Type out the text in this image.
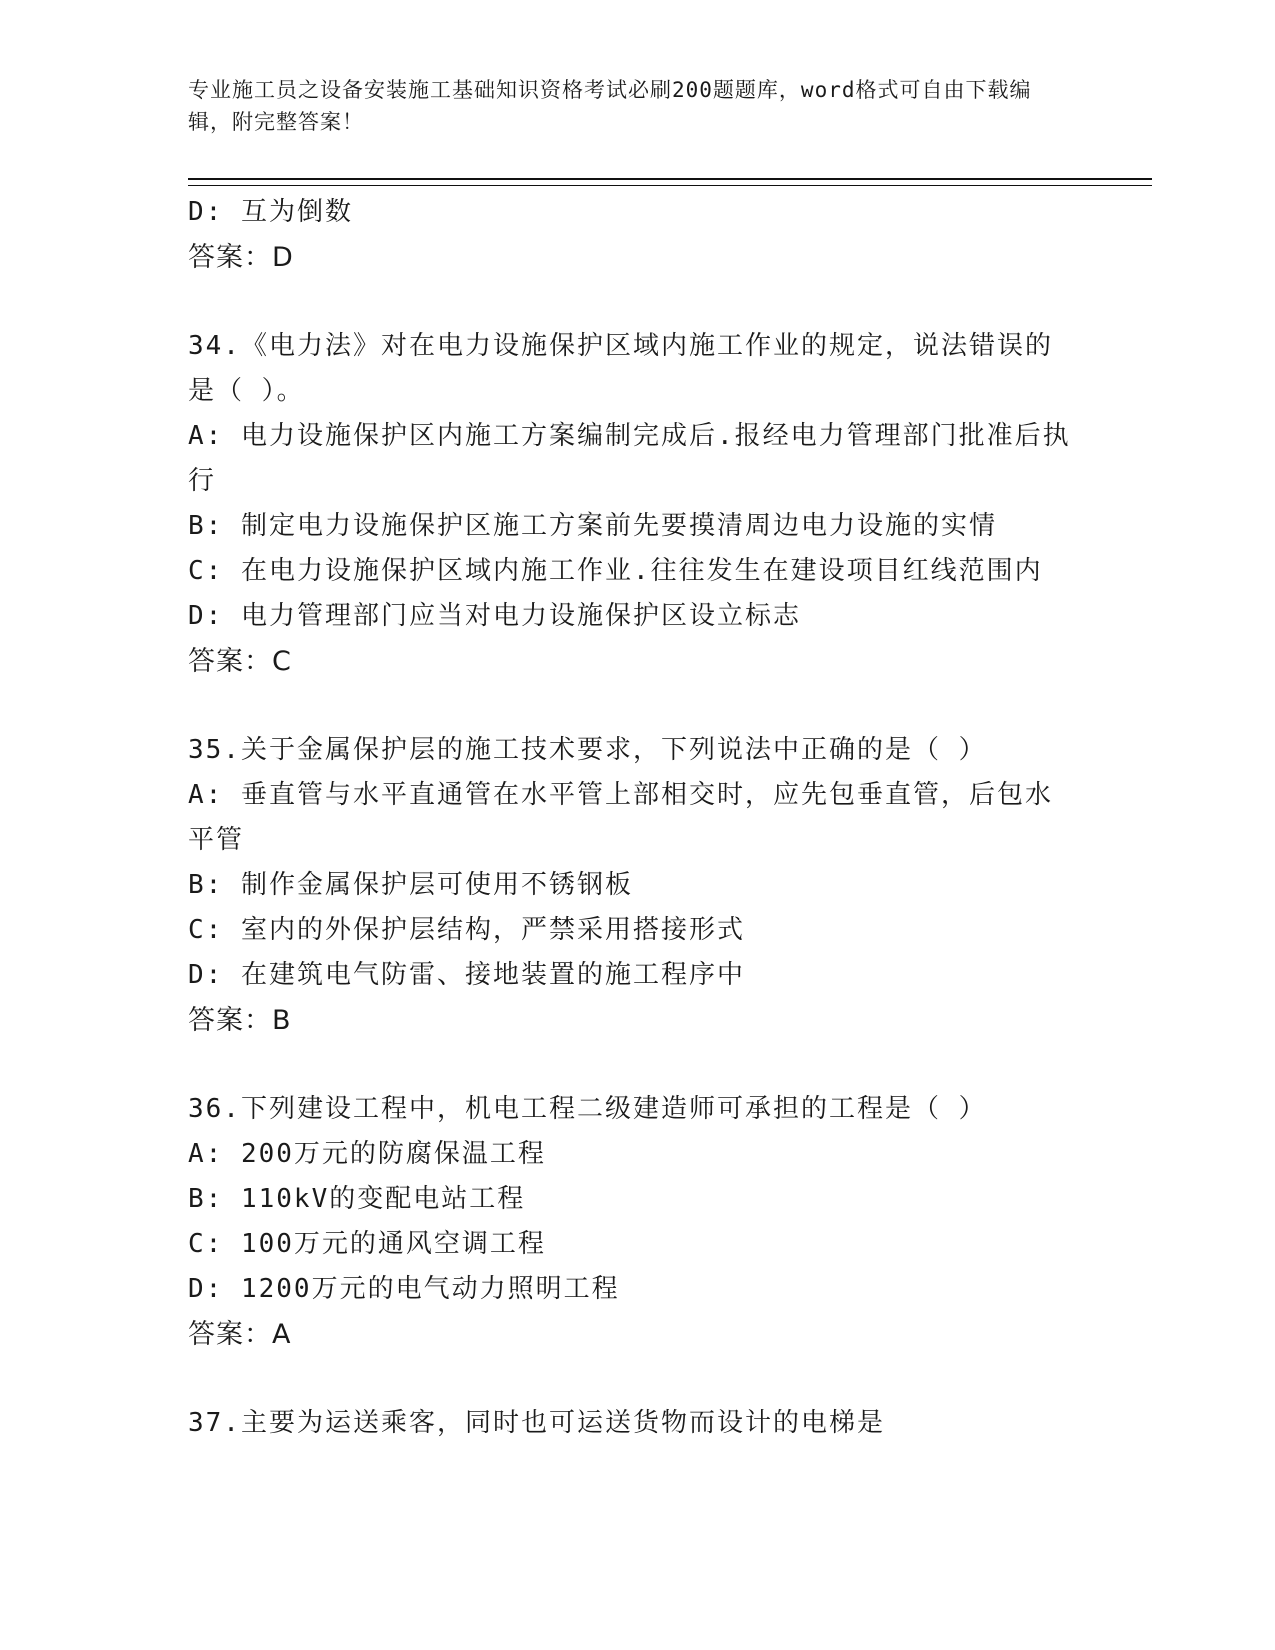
专业施工员之设备安装施工基础知识资格考试必刷200题题库，word格式可自由下载编辑，附完整答案！

D: 互为倒数

答案：D

34.《电力法》对在电力设施保护区域内施工作业的规定，说法错误的是（ ）。

A: 电力设施保护区内施工方案编制完成后.报经电力管理部门批准后执行

B: 制定电力设施保护区施工方案前先要摸清周边电力设施的实情

C: 在电力设施保护区域内施工作业.往往发生在建设项目红线范围内

D: 电力管理部门应当对电力设施保护区设立标志

答案：C

35.关于金属保护层的施工技术要求，下列说法中正确的是（ ）

A: 垂直管与水平直通管在水平管上部相交时，应先包垂直管，后包水平管

B: 制作金属保护层可使用不锈钢板

C: 室内的外保护层结构，严禁采用搭接形式

D: 在建筑电气防雷、接地装置的施工程序中

答案：B

36.下列建设工程中，机电工程二级建造师可承担的工程是（ ）

A: 200万元的防腐保温工程

B: 110kV的变配电站工程

C: 100万元的通风空调工程

D: 1200万元的电气动力照明工程

答案：A

37.主要为运送乘客，同时也可运送货物而设计的电梯是
